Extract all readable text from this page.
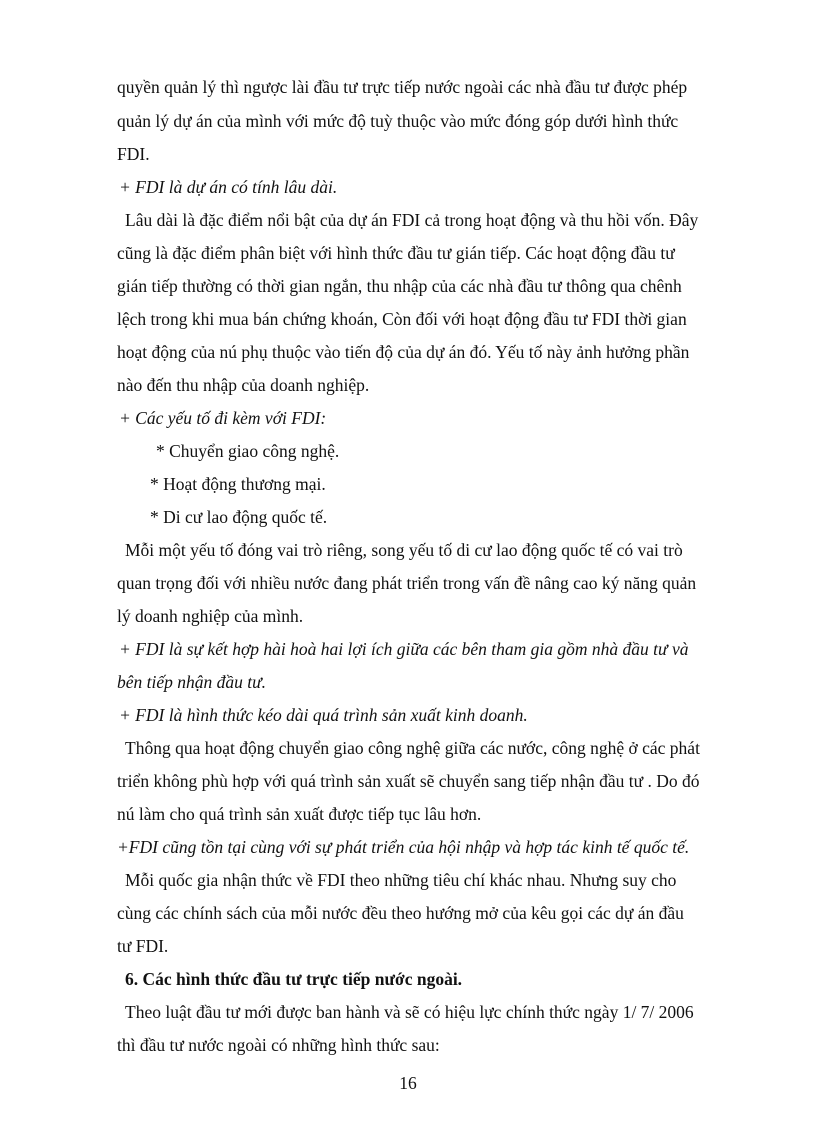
quyền quản lý thì ngược lài đầu tư trực tiếp nước ngoài các nhà đầu tư được phép
quản lý dự án của mình với mức độ tuỳ thuộc vào mức đóng góp dưới hình thức
FDI.
+ FDI là dự án có tính lâu dài.
Lâu dài là đặc điểm nổi bật của dự án FDI cả trong hoạt động và thu hồi vốn. Đây
cũng là đặc điểm phân biệt với hình thức đầu tư gián tiếp. Các hoạt động đầu tư
gián tiếp thường có thời gian ngắn, thu nhập của các nhà đầu tư thông qua chênh
lệch trong khi mua bán chứng khoán, Còn đối với hoạt động đầu tư FDI thời gian
hoạt động của nú phụ thuộc vào tiến độ của dự án đó. Yếu tố này ảnh hưởng phần
nào đến thu nhập của doanh nghiệp.
+ Các yếu tố đi kèm với FDI:
* Chuyển giao công nghệ.
* Hoạt động thương mại.
* Di cư lao động quốc tế.
Mỗi một yếu tố đóng vai trò riêng, song yếu tố di cư lao động quốc tế có vai trò
quan trọng đối với nhiều nước đang phát triển trong vấn đề nâng cao ký năng quản
lý doanh nghiệp của mình.
+ FDI là sự kết hợp hài hoà hai lợi ích giữa các bên tham gia gồm nhà đầu tư và
bên tiếp nhận đầu tư.
+ FDI là hình thức kéo dài quá trình sản xuất kinh doanh.
Thông qua hoạt động chuyển giao công nghệ giữa các nước, công nghệ ở các phát
triển không phù hợp với quá trình sản xuất sẽ chuyển sang tiếp nhận đầu tư . Do đó
nú làm cho quá trình sản xuất được tiếp tục lâu hơn.
+FDI cũng tồn tại cùng với sự phát triển của hội nhập và hợp tác kinh tế quốc tế.
Mỗi quốc gia nhận thức về FDI theo những tiêu chí khác nhau. Nhưng suy cho
cùng các chính sách của mỗi nước đều theo hướng mở của kêu gọi các dự án đầu
tư FDI.
6. Các hình thức đầu tư trực tiếp nước ngoài.
Theo luật đầu tư mới được ban hành và sẽ có hiệu lực chính thức ngày 1/ 7/ 2006
thì đầu tư nước ngoài có những hình thức sau:
16
